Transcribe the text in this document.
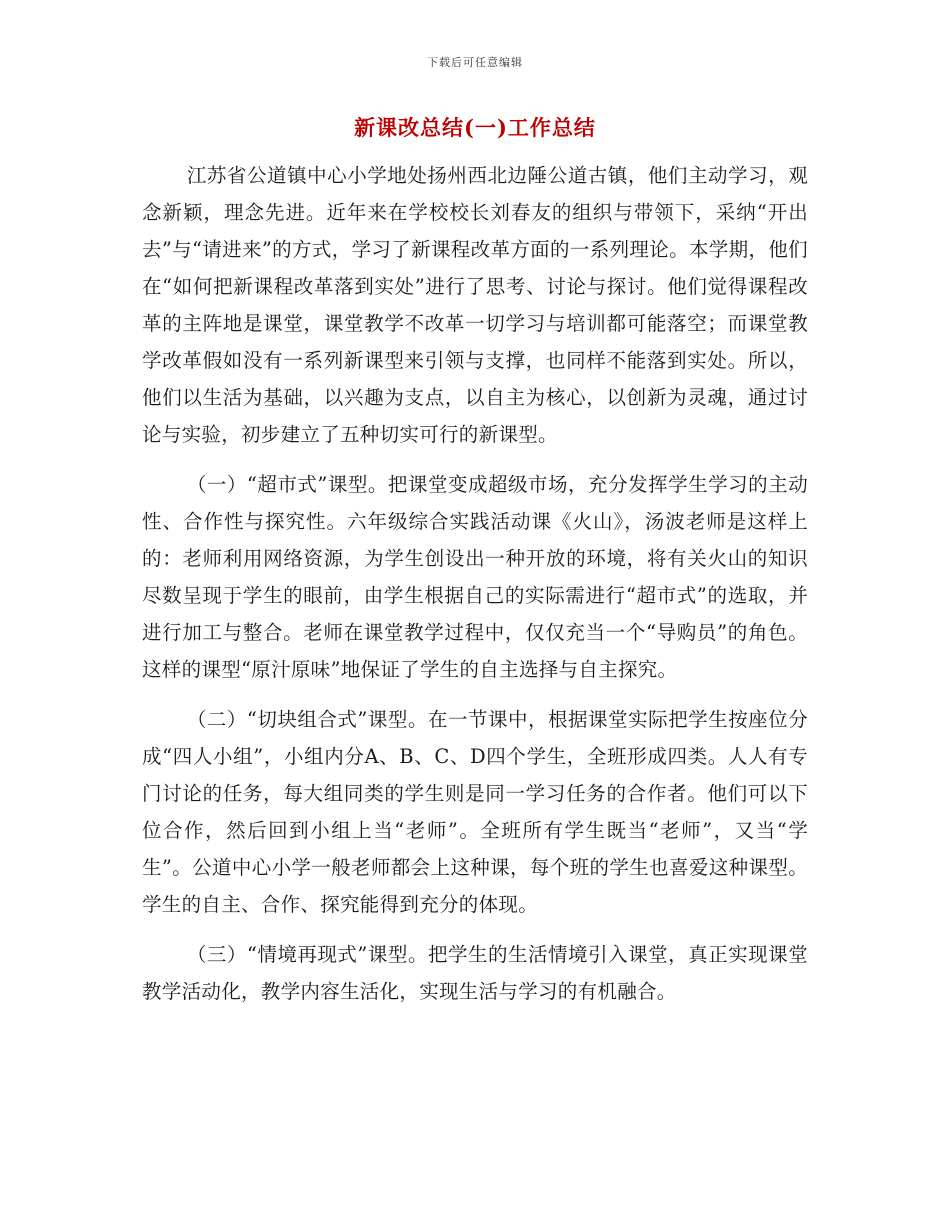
下载后可任意编辑
新课改总结(一)工作总结

江苏省公道镇中心小学地处扬州西北边陲公道古镇，他们主动学习，观念新颖，理念先进。近年来在学校校长刘春友的组织与带领下，采纳“开出去”与“请进来”的方式，学习了新课程改革方面的一系列理论。本学期，他们在“如何把新课程改革落到实处”进行了思考、讨论与探讨。他们觉得课程改革的主阵地是课堂，课堂教学不改革一切学习与培训都可能落空；而课堂教学改革假如没有一系列新课型来引领与支撑，也同样不能落到实处。所以，他们以生活为基础，以兴趣为支点，以自主为核心，以创新为灵魂，通过讨论与实验，初步建立了五种切实可行的新课型。

（一）“超市式”课型。把课堂变成超级市场，充分发挥学生学习的主动性、合作性与探究性。六年级综合实践活动课《火山》，汤波老师是这样上的：老师利用网络资源，为学生创设出一种开放的环境，将有关火山的知识尽数呈现于学生的眼前，由学生根据自己的实际需进行“超市式”的选取，并进行加工与整合。老师在课堂教学过程中，仅仅充当一个“导购员”的角色。这样的课型“原汁原味”地保证了学生的自主选择与自主探究。

（二）“切块组合式”课型。在一节课中，根据课堂实际把学生按座位分成“四人小组”，小组内分A、B、C、D四个学生，全班形成四类。人人有专门讨论的任务，每大组同类的学生则是同一学习任务的合作者。他们可以下位合作，然后回到小组上当“老师”。全班所有学生既当“老师”，又当“学生”。公道中心小学一般老师都会上这种课，每个班的学生也喜爱这种课型。学生的自主、合作、探究能得到充分的体现。

（三）“情境再现式”课型。把学生的生活情境引入课堂，真正实现课堂教学活动化，教学内容生活化，实现生活与学习的有机融合。
